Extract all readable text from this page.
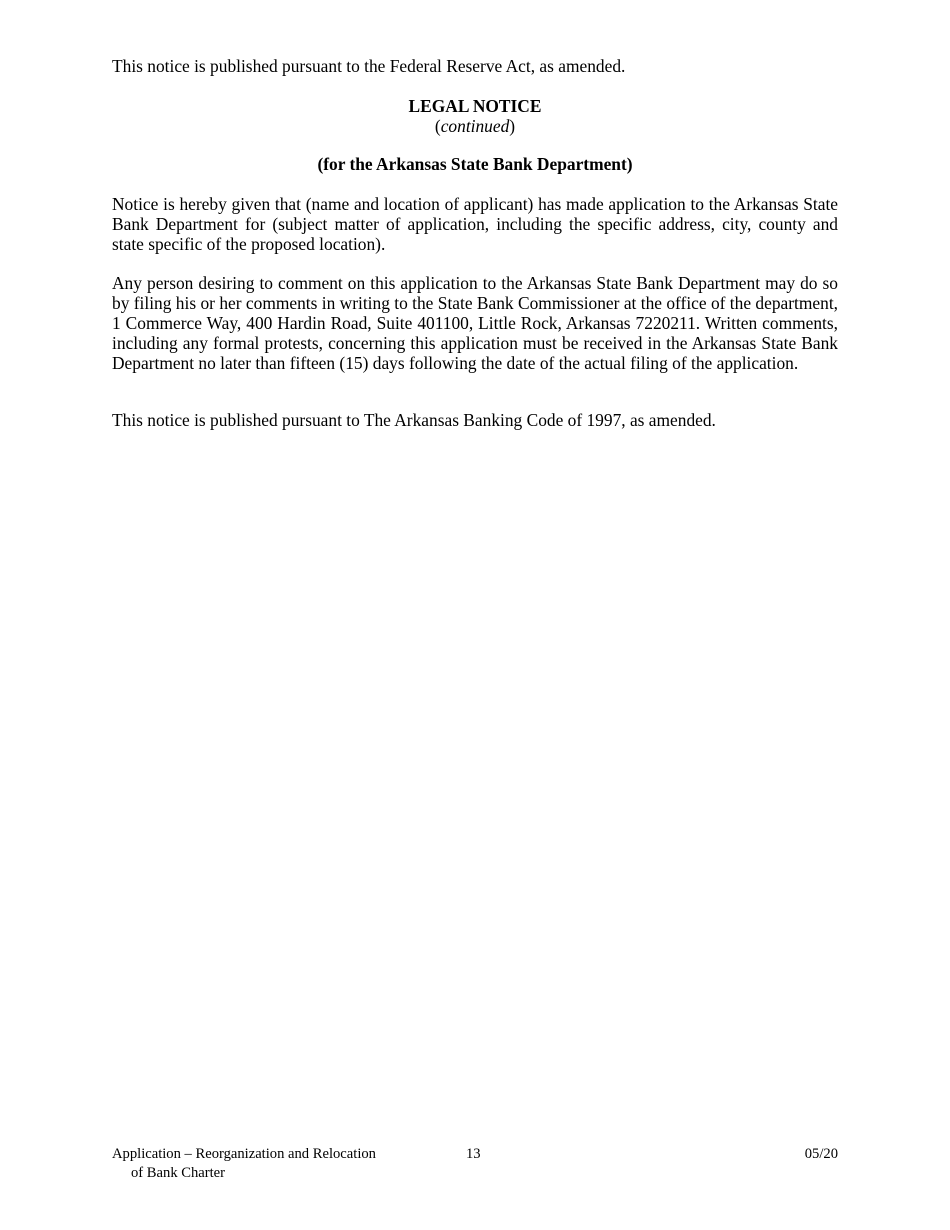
This notice is published pursuant to the Federal Reserve Act, as amended.

LEGAL NOTICE

(continued)

(for the Arkansas State Bank Department)

Notice is hereby given that (name and location of applicant) has made application to the Arkansas State Bank Department for (subject matter of application, including the specific address, city, county and state specific of the proposed location).

Any person desiring to comment on this application to the Arkansas State Bank Department may do so by filing his or her comments in writing to the State Bank Commissioner at the office of the department, 1 Commerce Way, 400 Hardin Road, Suite 401100, Little Rock, Arkansas 7220211. Written comments, including any formal protests, concerning this application must be received in the Arkansas State Bank Department no later than fifteen (15) days following the date of the actual filing of the application.

This notice is published pursuant to The Arkansas Banking Code of 1997, as amended.

Application – Reorganization and Relocation
of Bank Charter
13	05/20
